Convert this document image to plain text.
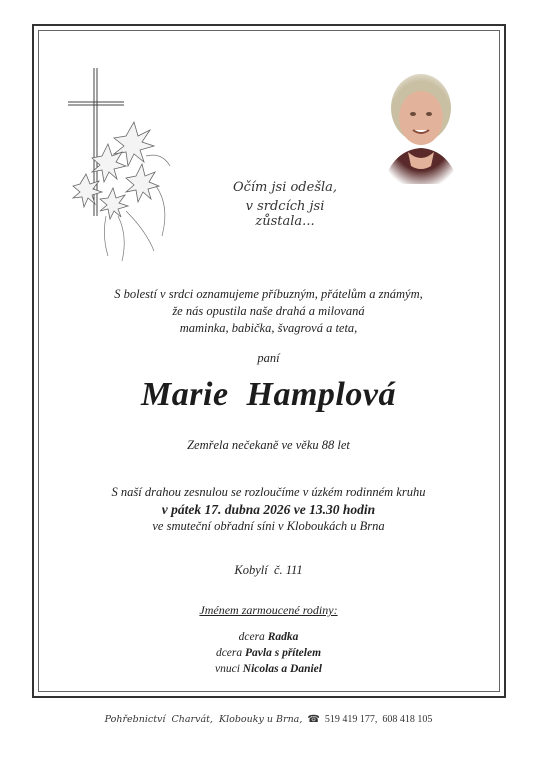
Očím jsi odešla,
v srdcích jsi zůstala...
S bolestí v srdci oznamujeme příbuzným, přátelům a známým,
že nás opustila naše drahá a milovaná
maminka, babička, švagrová a teta,
paní
Marie  Hamplová
Zemřela nečekaně ve věku 88 let
S naší drahou zesnulou se rozloučíme v úzkém rodinném kruhu
v pátek 17. dubna 2026 ve 13.30 hodin
ve smuteční obřadní síni v Kloboukách u Brna
Kobylí  č. 111
Jménem zarmoucené rodiny:
dcera Radka
dcera Pavla s přítelem
vnuci Nicolas a Daniel
Pohřebnictví  Charvát,  Klobouky u Brna,  ☎  519 419 177,  608 418 105
